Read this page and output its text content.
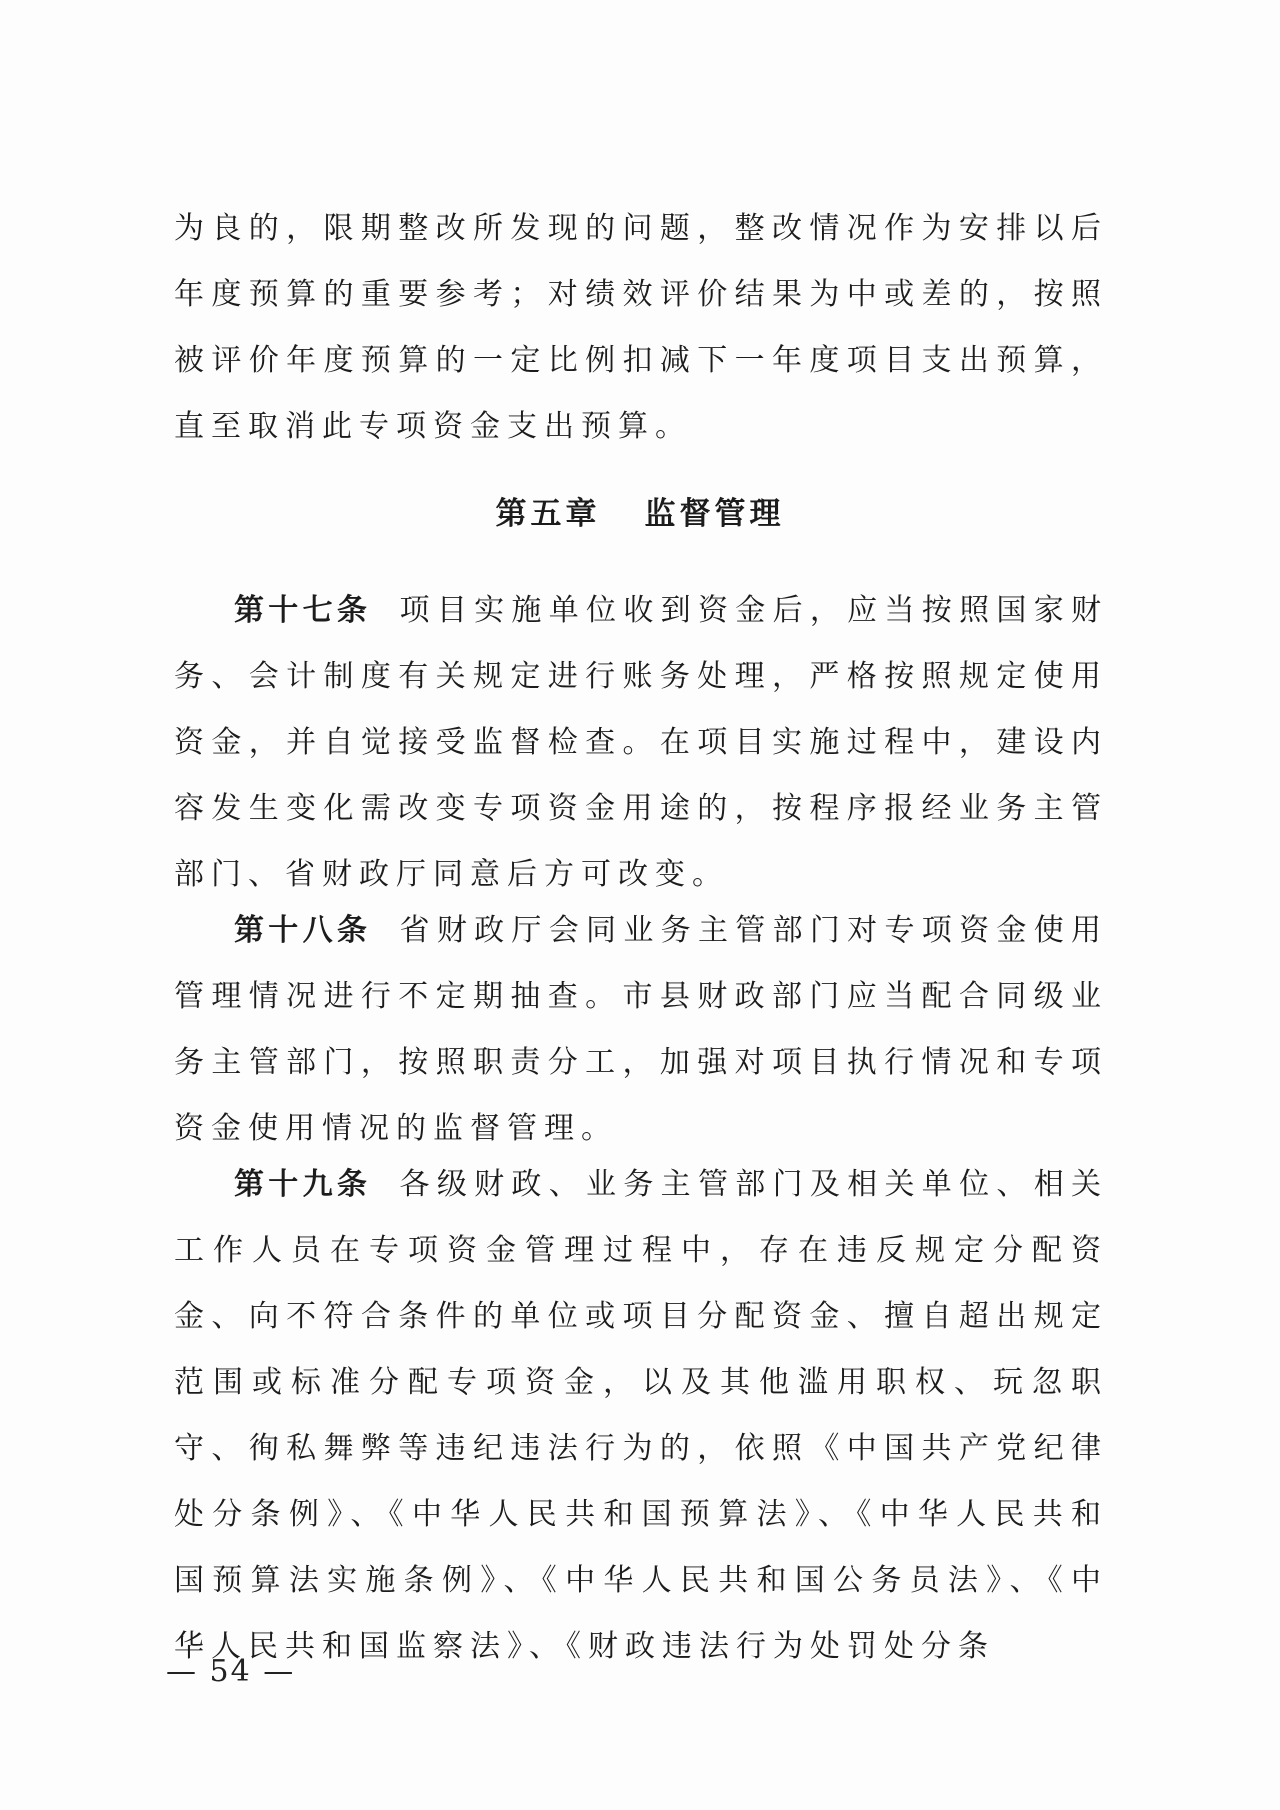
为良的，限期整改所发现的问题，整改情况作为安排以后年度预算的重要参考；对绩效评价结果为中或差的，按照被评价年度预算的一定比例扣减下一年度项目支出预算，直至取消此专项资金支出预算。

第五章 监督管理

第十七条 项目实施单位收到资金后，应当按照国家财务、会计制度有关规定进行账务处理，严格按照规定使用资金，并自觉接受监督检查。在项目实施过程中，建设内容发生变化需改变专项资金用途的，按程序报经业务主管部门、省财政厅同意后方可改变。

第十八条 省财政厅会同业务主管部门对专项资金使用管理情况进行不定期抽查。市县财政部门应当配合同级业务主管部门，按照职责分工，加强对项目执行情况和专项资金使用情况的监督管理。

第十九条 各级财政、业务主管部门及相关单位、相关工作人员在专项资金管理过程中，存在违反规定分配资金、向不符合条件的单位或项目分配资金、擅自超出规定范围或标准分配专项资金，以及其他滥用职权、玩忽职守、徇私舞弊等违纪违法行为的，依照《中国共产党纪律处分条例》、《中华人民共和国预算法》、《中华人民共和国预算法实施条例》、《中华人民共和国公务员法》、《中华人民共和国监察法》、《财政违法行为处罚处分条

— 54 —
